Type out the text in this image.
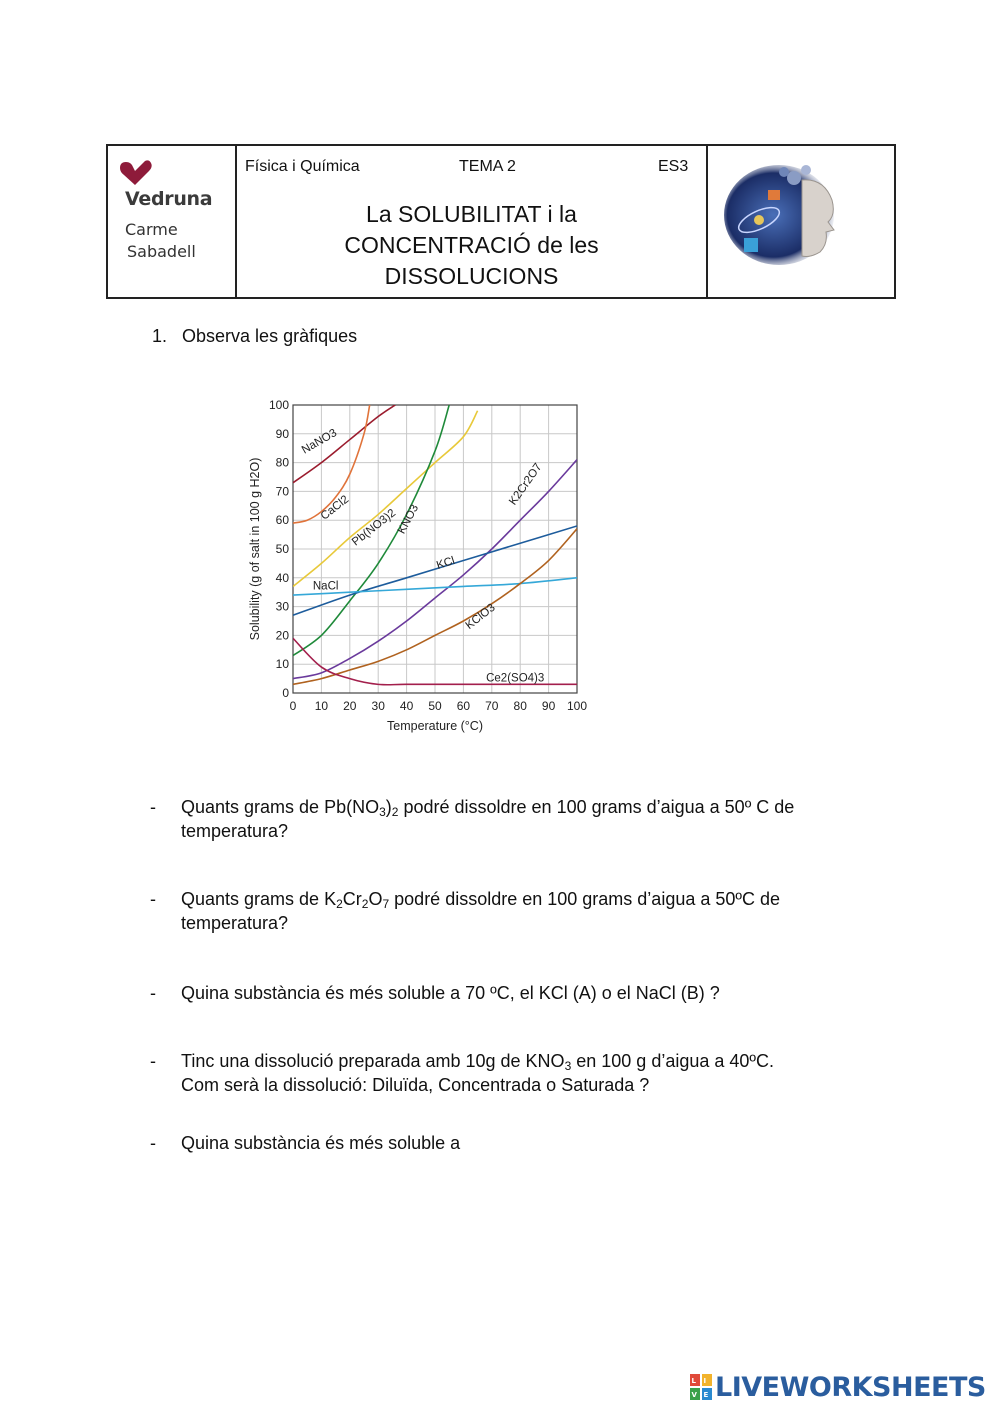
Vedruna
Carme
Sabadell
Física i Química	TEMA 2	ES3
La SOLUBILITAT i la
CONCENTRACIÓ de les
DISSOLUCIONS
1. Observa les gràfiques
0 10 20 30 40 50 60 70 80 90 100
0
10
20
30
40
50
60
70
80
90
100
Temperature (°C)
Solubility (g of salt in 100 g H2O)
NaNO3
CaCl2
Pb(NO3)2
KNO3
K2Cr2O7
KCl
NaCl
KClO3
Ce2(SO4)3
- Quants grams de $Pb(NO_3)_2$ podré dissoldre en 100 grams d’aigua a 50º C de temperatura?
- Quants grams de $K_2Cr_2O_7$ podré dissoldre en 100 grams d’aigua a 50ºC de temperatura?
- Quina substància és més soluble a 70 ºC, el KCl (A) o el NaCl (B) ?
- Tinc una dissolució preparada amb 10g de $KNO_3$ en 100 g d’aigua a 40ºC.
Com serà la dissolució: Diluïda, Concentrada o Saturada ?
- Quina substància és més soluble a
L I
V E LIVEWORKSHEETS
